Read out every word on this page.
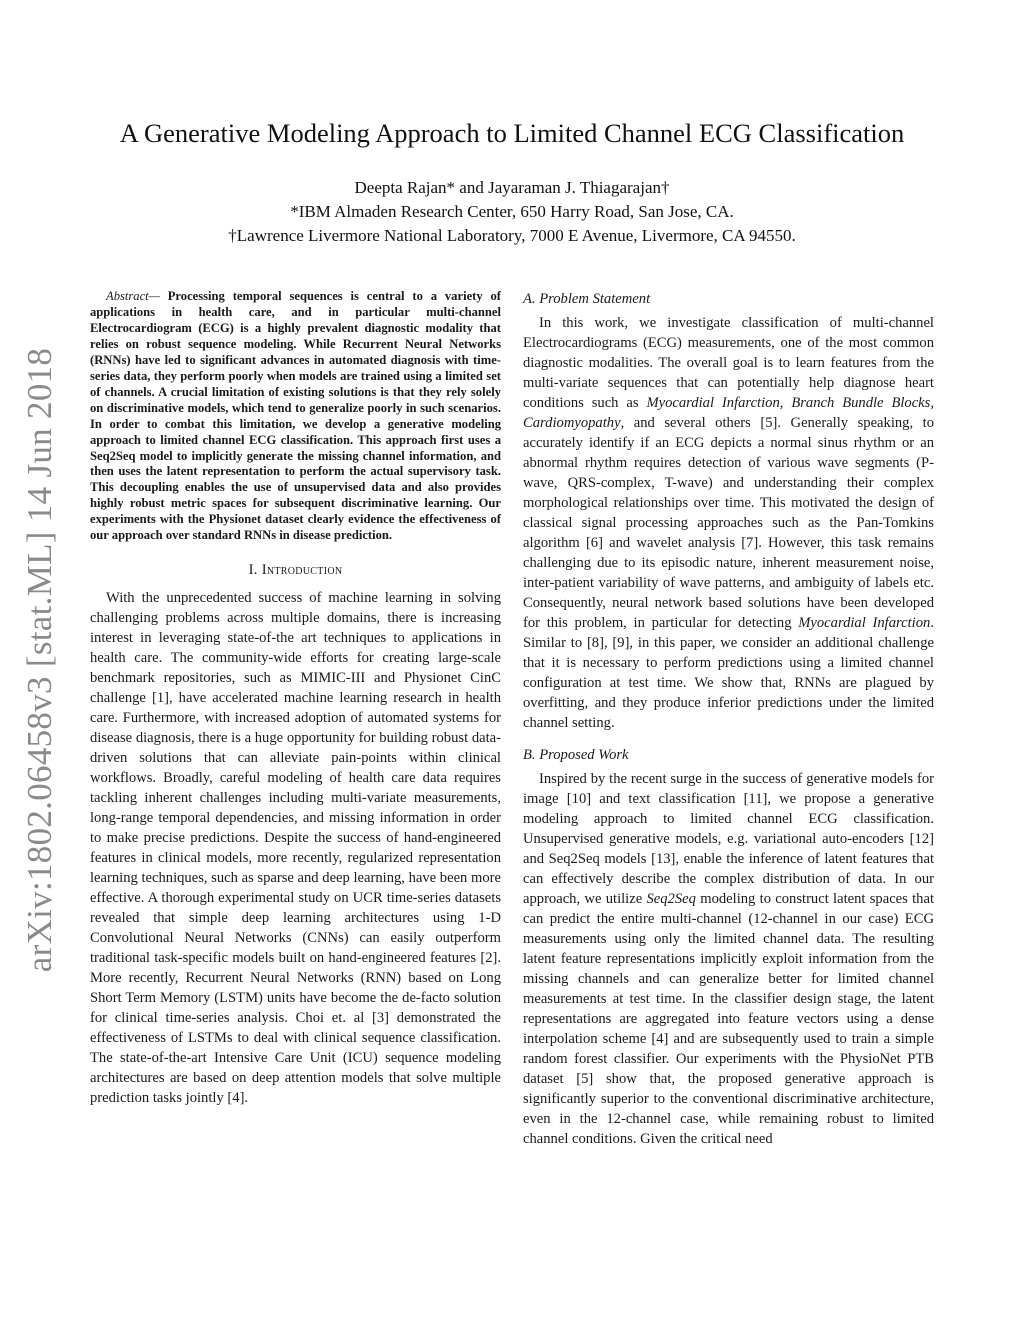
arXiv:1802.06458v3 [stat.ML] 14 Jun 2018
A Generative Modeling Approach to Limited Channel ECG Classification
Deepta Rajan* and Jayaraman J. Thiagarajan†
*IBM Almaden Research Center, 650 Harry Road, San Jose, CA.
†Lawrence Livermore National Laboratory, 7000 E Avenue, Livermore, CA 94550.

Abstract— Processing temporal sequences is central to a variety of applications in health care, and in particular multi-channel Electrocardiogram (ECG) is a highly prevalent diagnostic modality that relies on robust sequence modeling. While Recurrent Neural Networks (RNNs) have led to significant advances in automated diagnosis with time-series data, they perform poorly when models are trained using a limited set of channels. A crucial limitation of existing solutions is that they rely solely on discriminative models, which tend to generalize poorly in such scenarios. In order to combat this limitation, we develop a generative modeling approach to limited channel ECG classification. This approach first uses a Seq2Seq model to implicitly generate the missing channel information, and then uses the latent representation to perform the actual supervisory task. This decoupling enables the use of unsupervised data and also provides highly robust metric spaces for subsequent discriminative learning. Our experiments with the Physionet dataset clearly evidence the effectiveness of our approach over standard RNNs in disease prediction.

I. Introduction

With the unprecedented success of machine learning in solving challenging problems across multiple domains, there is increasing interest in leveraging state-of-the art techniques to applications in health care. The community-wide efforts for creating large-scale benchmark repositories, such as MIMIC-III and Physionet CinC challenge [1], have accelerated machine learning research in health care. Furthermore, with increased adoption of automated systems for disease diagnosis, there is a huge opportunity for building robust data-driven solutions that can alleviate pain-points within clinical workflows. Broadly, careful modeling of health care data requires tackling inherent challenges including multi-variate measurements, long-range temporal dependencies, and missing information in order to make precise predictions. Despite the success of hand-engineered features in clinical models, more recently, regularized representation learning techniques, such as sparse and deep learning, have been more effective. A thorough experimental study on UCR time-series datasets revealed that simple deep learning architectures using 1-D Convolutional Neural Networks (CNNs) can easily outperform traditional task-specific models built on hand-engineered features [2]. More recently, Recurrent Neural Networks (RNN) based on Long Short Term Memory (LSTM) units have become the de-facto solution for clinical time-series analysis. Choi et. al [3] demonstrated the effectiveness of LSTMs to deal with clinical sequence classification. The state-of-the-art Intensive Care Unit (ICU) sequence modeling architectures are based on deep attention models that solve multiple prediction tasks jointly [4].

A. Problem Statement

In this work, we investigate classification of multi-channel Electrocardiograms (ECG) measurements, one of the most common diagnostic modalities. The overall goal is to learn features from the multi-variate sequences that can potentially help diagnose heart conditions such as Myocardial Infarction, Branch Bundle Blocks, Cardiomyopathy, and several others [5]. Generally speaking, to accurately identify if an ECG depicts a normal sinus rhythm or an abnormal rhythm requires detection of various wave segments (P-wave, QRS-complex, T-wave) and understanding their complex morphological relationships over time. This motivated the design of classical signal processing approaches such as the Pan-Tomkins algorithm [6] and wavelet analysis [7]. However, this task remains challenging due to its episodic nature, inherent measurement noise, inter-patient variability of wave patterns, and ambiguity of labels etc. Consequently, neural network based solutions have been developed for this problem, in particular for detecting Myocardial Infarction. Similar to [8], [9], in this paper, we consider an additional challenge that it is necessary to perform predictions using a limited channel configuration at test time. We show that, RNNs are plagued by overfitting, and they produce inferior predictions under the limited channel setting.

B. Proposed Work

Inspired by the recent surge in the success of generative models for image [10] and text classification [11], we propose a generative modeling approach to limited channel ECG classification. Unsupervised generative models, e.g. variational auto-encoders [12] and Seq2Seq models [13], enable the inference of latent features that can effectively describe the complex distribution of data. In our approach, we utilize Seq2Seq modeling to construct latent spaces that can predict the entire multi-channel (12-channel in our case) ECG measurements using only the limited channel data. The resulting latent feature representations implicitly exploit information from the missing channels and can generalize better for limited channel measurements at test time. In the classifier design stage, the latent representations are aggregated into feature vectors using a dense interpolation scheme [4] and are subsequently used to train a simple random forest classifier. Our experiments with the PhysioNet PTB dataset [5] show that, the proposed generative approach is significantly superior to the conventional discriminative architecture, even in the 12-channel case, while remaining robust to limited channel conditions. Given the critical need
